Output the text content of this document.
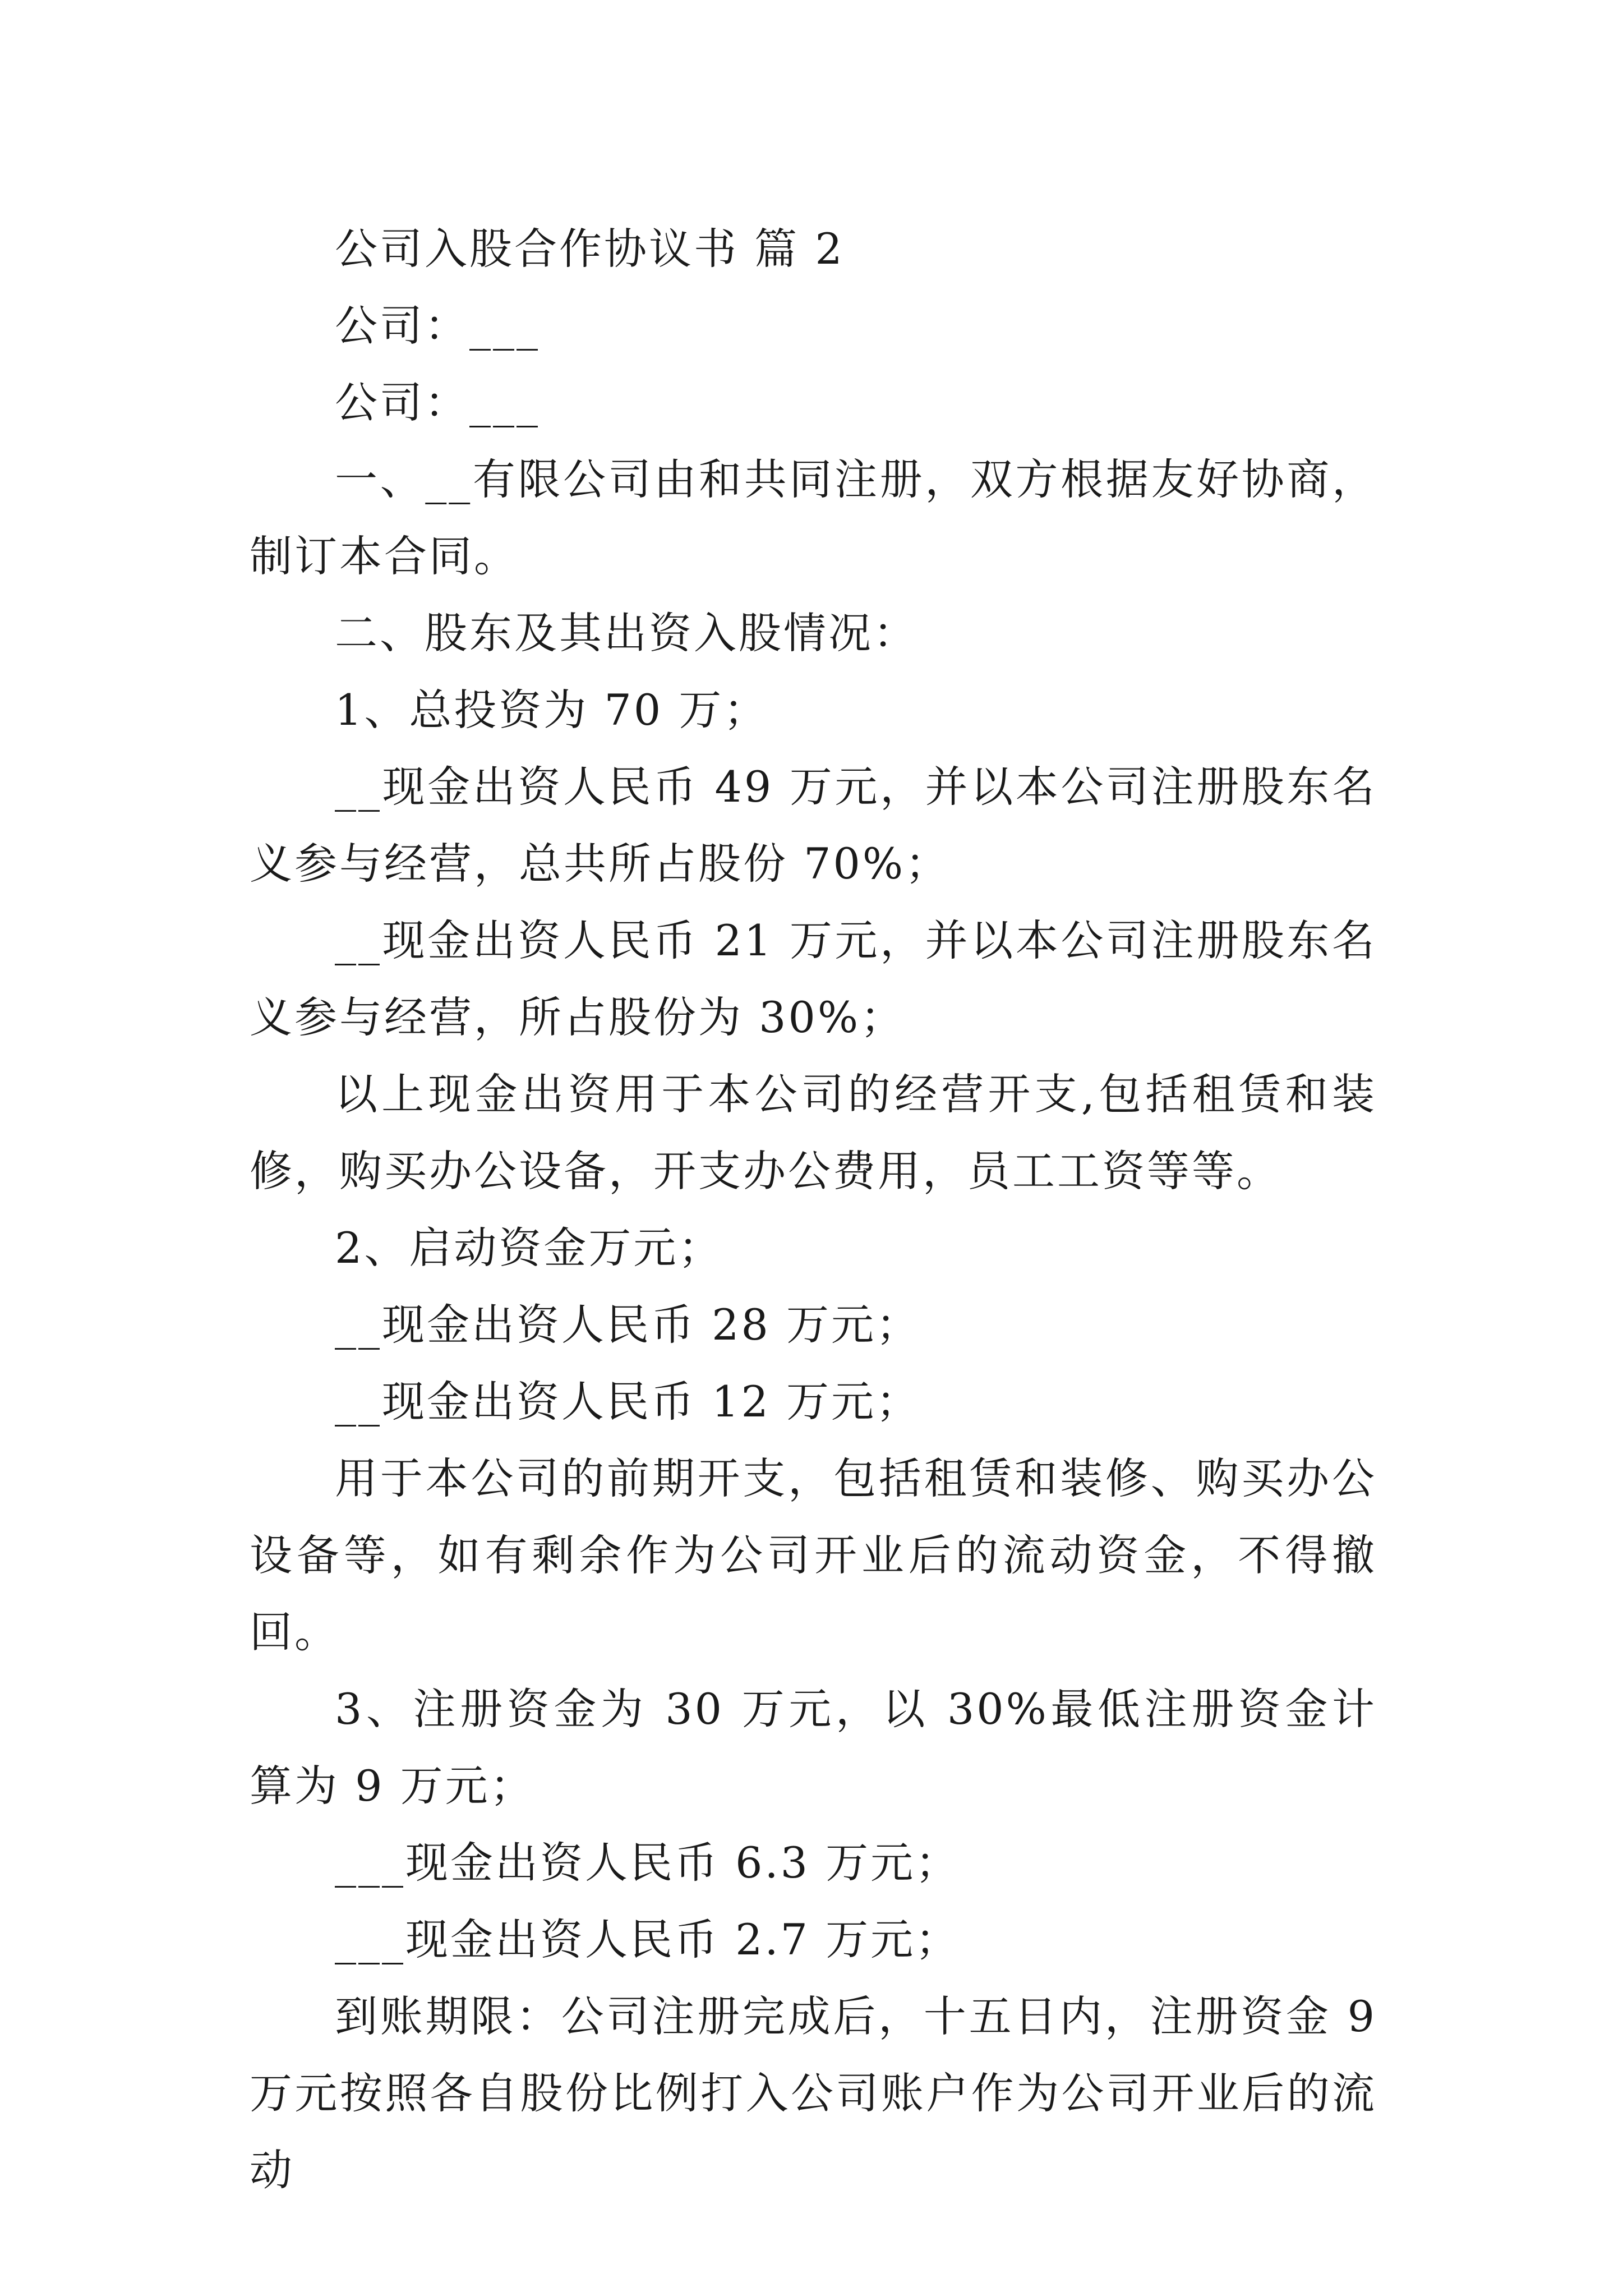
公司入股合作协议书 篇 2

公司：___

公司：___

一、__有限公司由和共同注册，双方根据友好协商，制订本合同。

二、股东及其出资入股情况：

1、总投资为 70 万；

__现金出资人民币 49 万元，并以本公司注册股东名义参与经营，总共所占股份 70%；

__现金出资人民币 21 万元，并以本公司注册股东名义参与经营，所占股份为 30%；

以上现金出资用于本公司的经营开支,包括租赁和装修，购买办公设备，开支办公费用，员工工资等等。

2、启动资金万元；

__现金出资人民币 28 万元；

__现金出资人民币 12 万元；

用于本公司的前期开支，包括租赁和装修、购买办公设备等，如有剩余作为公司开业后的流动资金，不得撤回。

3、注册资金为 30 万元，以 30%最低注册资金计算为 9 万元；

___现金出资人民币 6.3 万元；

___现金出资人民币 2.7 万元；

到账期限：公司注册完成后，十五日内，注册资金 9 万元按照各自股份比例打入公司账户作为公司开业后的流动
